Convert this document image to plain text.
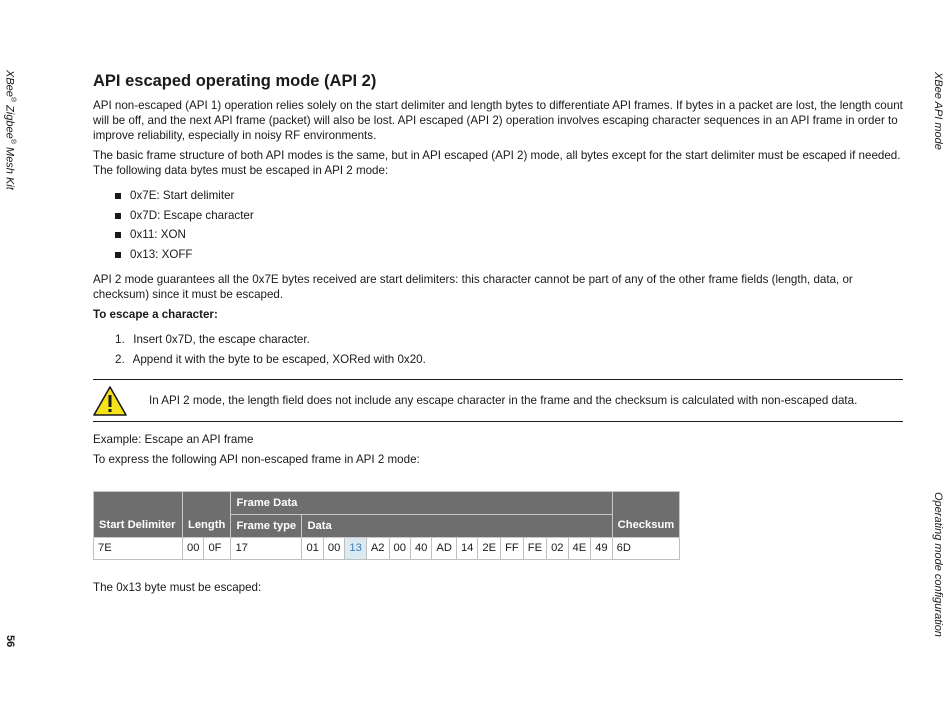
XBee® Zigbee® Mesh Kit
56
XBee API mode
Operating mode configuration
API escaped operating mode (API 2)

API non-escaped (API 1) operation relies solely on the start delimiter and length bytes to differentiate API frames. If bytes in a packet are lost, the length count will be off, and the next API frame (packet) will also be lost. API escaped (API 2) operation involves escaping character sequences in an API frame in order to improve reliability, especially in noisy RF environments.

The basic frame structure of both API modes is the same, but in API escaped (API 2) mode, all bytes except for the start delimiter must be escaped if needed. The following data bytes must be escaped in API 2 mode:

0x7E: Start delimiter
0x7D: Escape character
0x11: XON
0x13: XOFF

API 2 mode guarantees all the 0x7E bytes received are start delimiters: this character cannot be part of any of the other frame fields (length, data, or checksum) since it must be escaped.

To escape a character:

1. Insert 0x7D, the escape character.
2. Append it with the byte to be escaped, XORed with 0x20.
In API 2 mode, the length field does not include any escape character in the frame and the checksum is calculated with non-escaped data.

Example: Escape an API frame

To express the following API non-escaped frame in API 2 mode:

Start Delimiter	Length		Frame Data															Checksum
			Frame type	Data														
7E	00	0F	17	01	00	13	A2	00	40	AD	14	2E	FF	FE	02	4E	49	6D

The 0x13 byte must be escaped:
